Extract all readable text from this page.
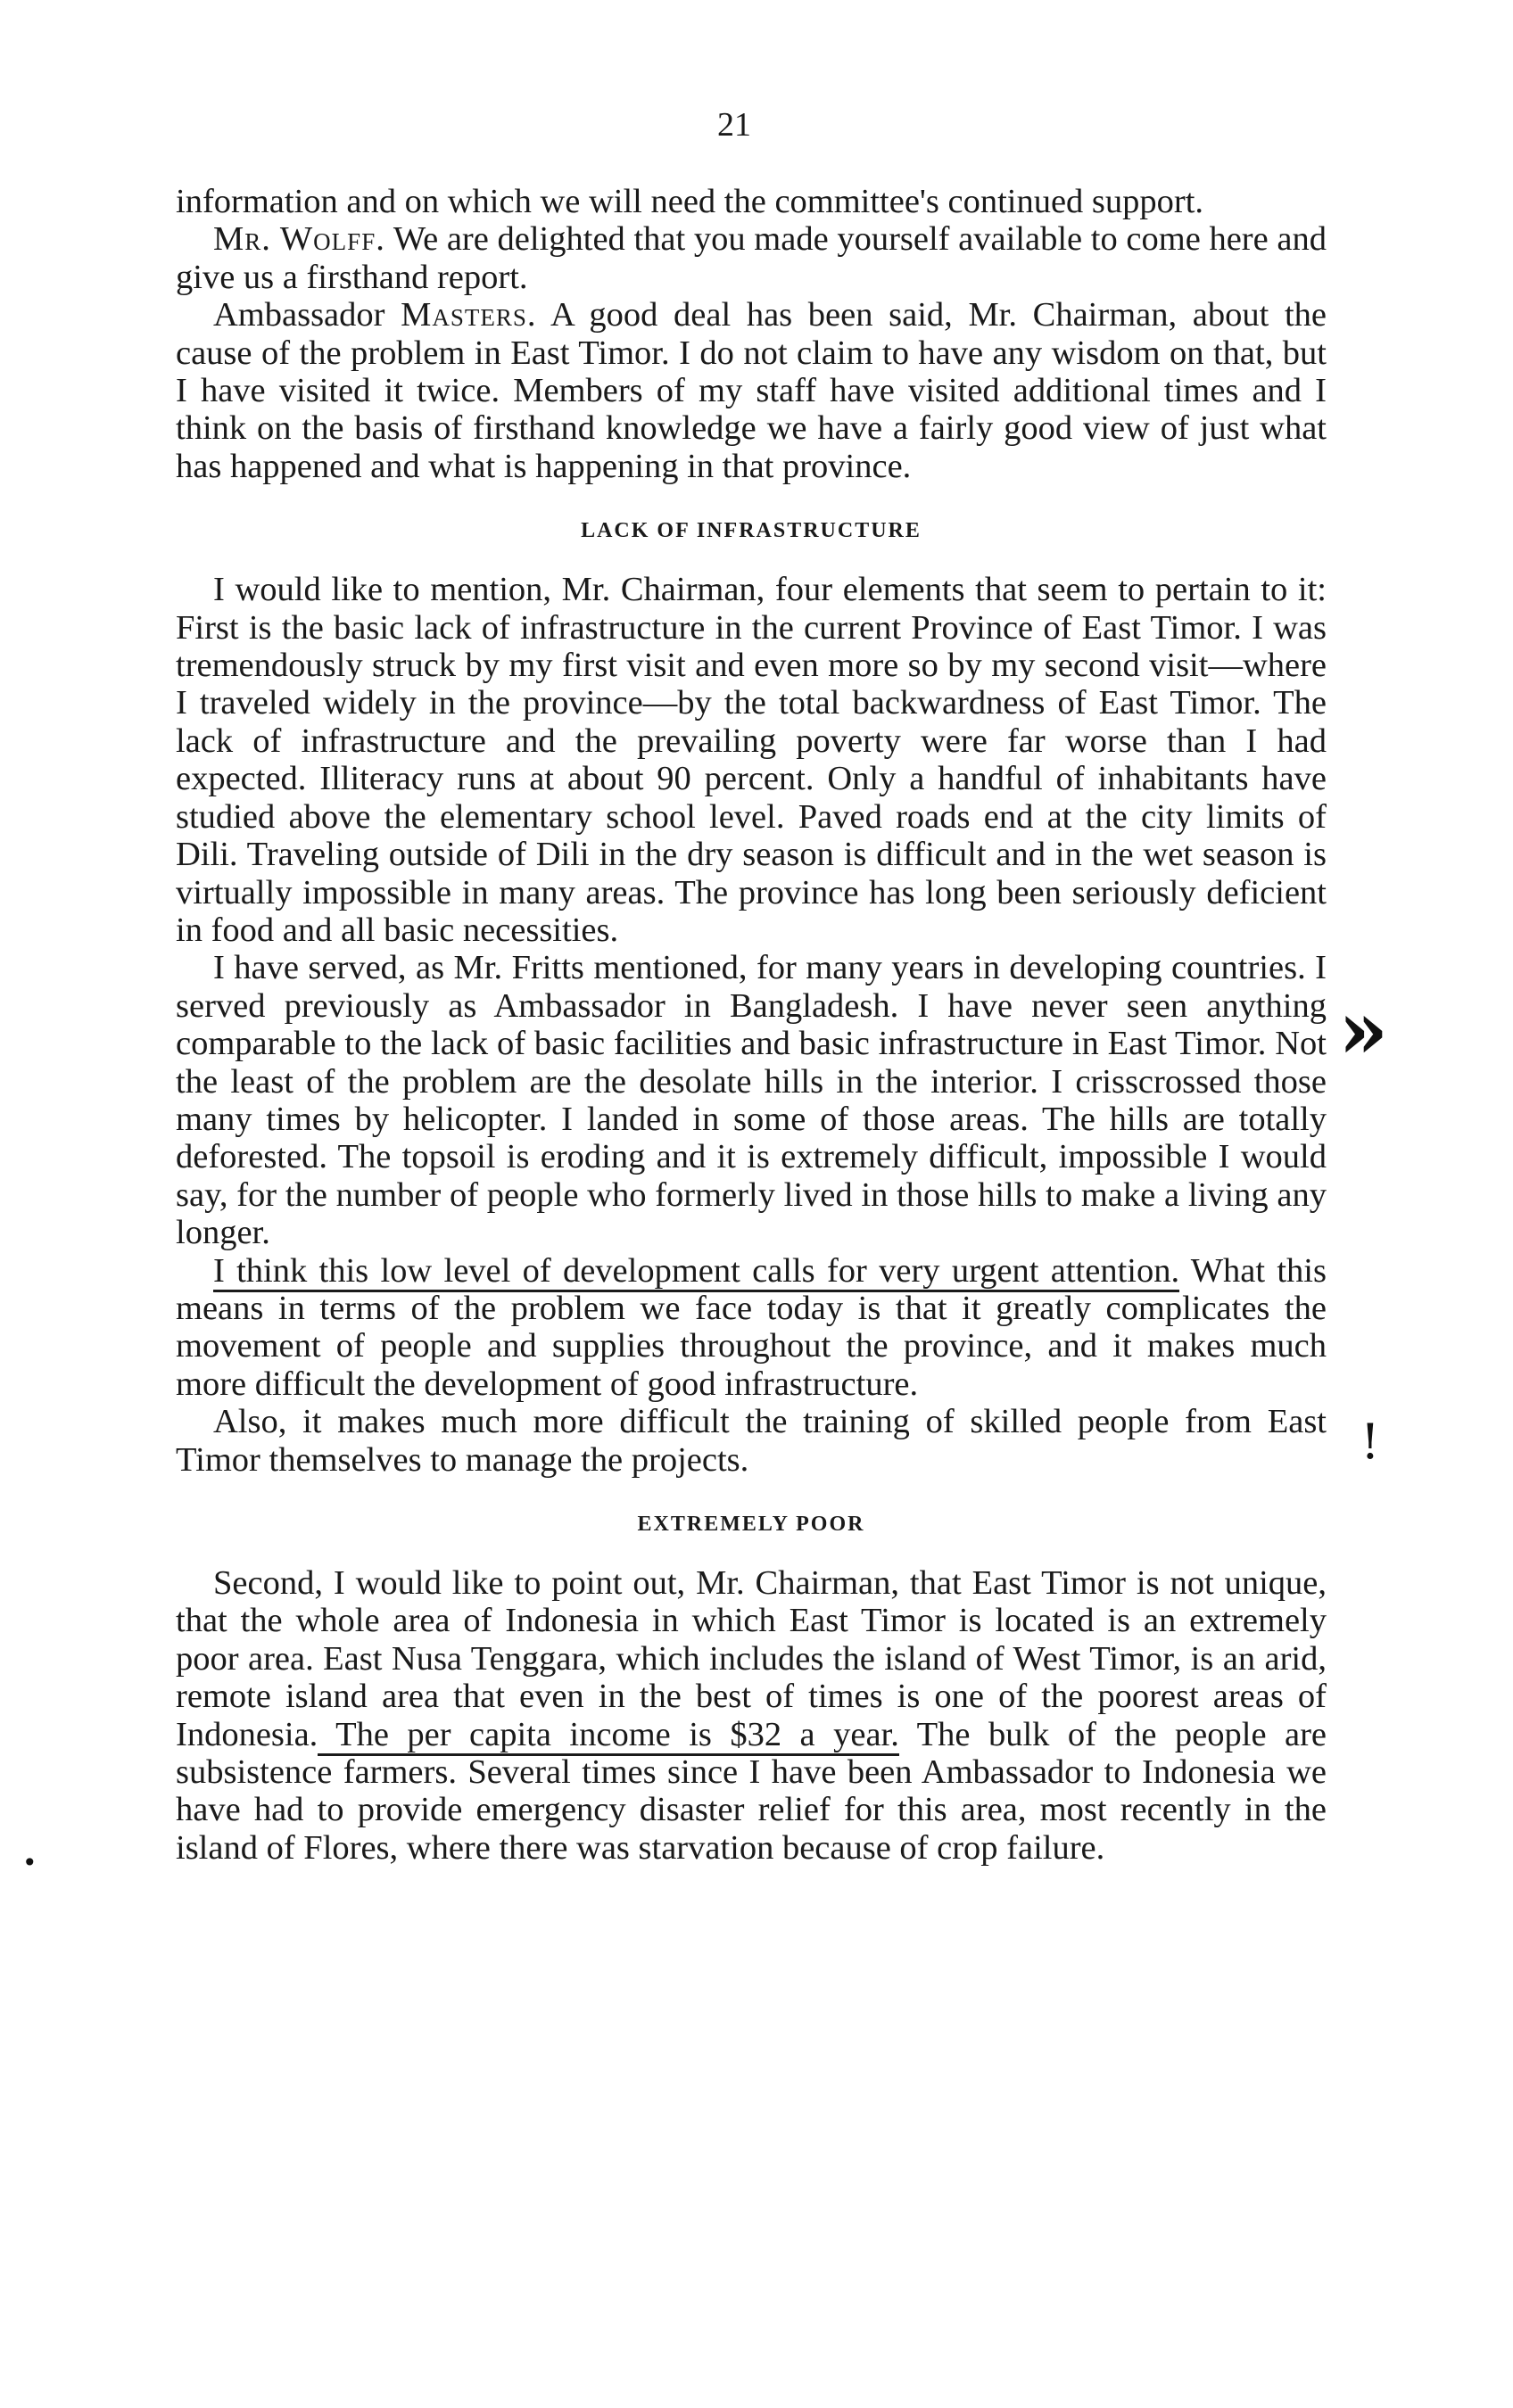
21

information and on which we will need the committee's continued support.

Mr. Wolff. We are delighted that you made yourself available to come here and give us a firsthand report.

Ambassador Masters. A good deal has been said, Mr. Chairman, about the cause of the problem in East Timor. I do not claim to have any wisdom on that, but I have visited it twice. Members of my staff have visited additional times and I think on the basis of firsthand knowledge we have a fairly good view of just what has happened and what is happening in that province.

LACK OF INFRASTRUCTURE

I would like to mention, Mr. Chairman, four elements that seem to pertain to it: First is the basic lack of infrastructure in the current Province of East Timor. I was tremendously struck by my first visit and even more so by my second visit—where I traveled widely in the province—by the total backwardness of East Timor. The lack of infrastructure and the prevailing poverty were far worse than I had expected. Illiteracy runs at about 90 percent. Only a handful of inhabitants have studied above the elementary school level. Paved roads end at the city limits of Dili. Traveling outside of Dili in the dry season is difficult and in the wet season is virtually impossible in many areas. The province has long been seriously deficient in food and all basic necessities.

I have served, as Mr. Fritts mentioned, for many years in developing countries. I served previously as Ambassador in Bangladesh. I have never seen anything comparable to the lack of basic facilities and basic infrastructure in East Timor. Not the least of the problem are the desolate hills in the interior. I crisscrossed those many times by helicopter. I landed in some of those areas. The hills are totally deforested. The topsoil is eroding and it is extremely difficult, impossible I would say, for the number of people who formerly lived in those hills to make a living any longer.

I think this low level of development calls for very urgent attention. What this means in terms of the problem we face today is that it greatly complicates the movement of people and supplies throughout the province, and it makes much more difficult the development of good infrastructure.

Also, it makes much more difficult the training of skilled people from East Timor themselves to manage the projects.

EXTREMELY POOR

Second, I would like to point out, Mr. Chairman, that East Timor is not unique, that the whole area of Indonesia in which East Timor is located is an extremely poor area. East Nusa Tenggara, which includes the island of West Timor, is an arid, remote island area that even in the best of times is one of the poorest areas of Indonesia. The per capita income is $32 a year. The bulk of the people are subsistence farmers. Several times since I have been Ambassador to Indonesia we have had to provide emergency disaster relief for this area, most recently in the island of Flores, where there was starvation because of crop failure.

»
!
•
